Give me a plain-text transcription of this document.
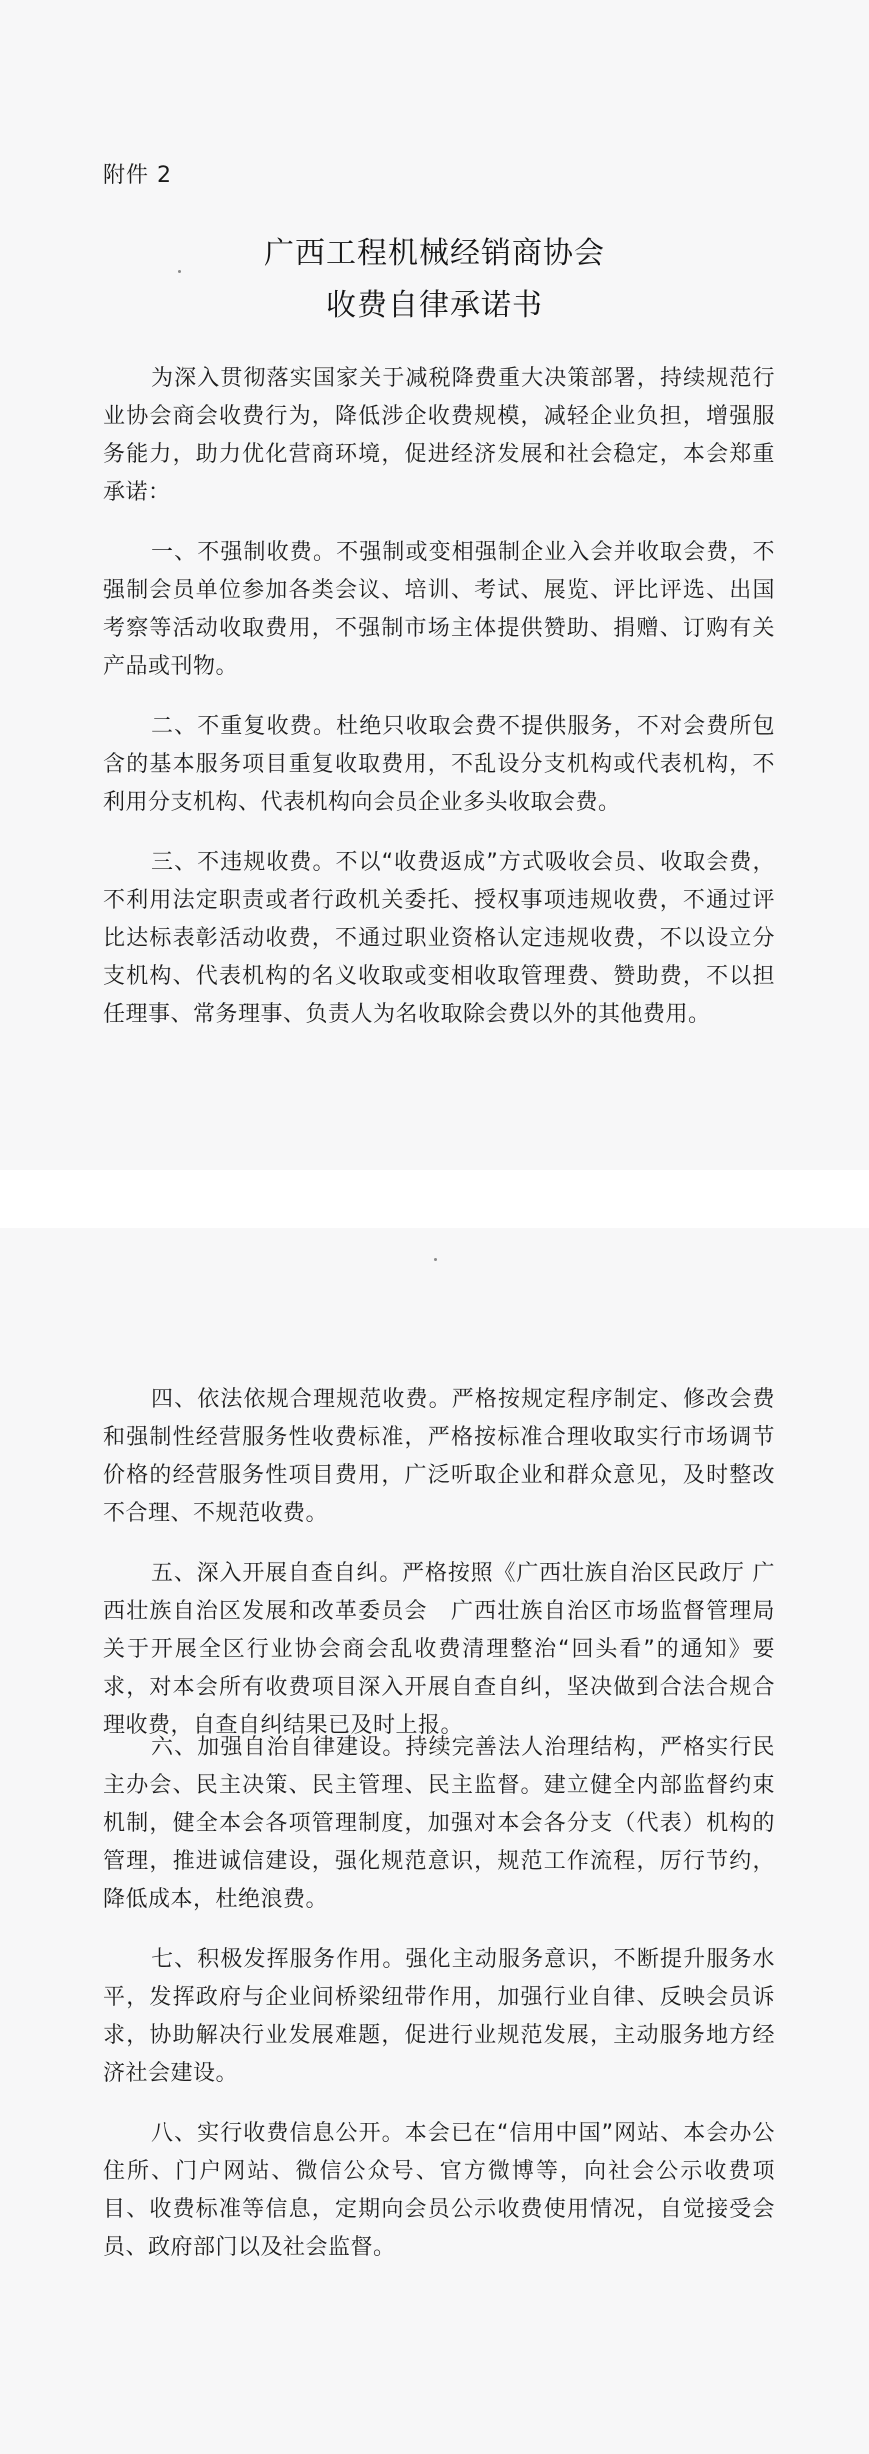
附件 2
广西工程机械经销商协会
收费自律承诺书

为深入贯彻落实国家关于减税降费重大决策部署，持续规范行业协会商会收费行为，降低涉企收费规模，减轻企业负担，增强服务能力，助力优化营商环境，促进经济发展和社会稳定，本会郑重承诺：

一、不强制收费。不强制或变相强制企业入会并收取会费，不强制会员单位参加各类会议、培训、考试、展览、评比评选、出国考察等活动收取费用，不强制市场主体提供赞助、捐赠、订购有关产品或刊物。

二、不重复收费。杜绝只收取会费不提供服务，不对会费所包含的基本服务项目重复收取费用，不乱设分支机构或代表机构，不利用分支机构、代表机构向会员企业多头收取会费。

三、不违规收费。不以“收费返成”方式吸收会员、收取会费，不利用法定职责或者行政机关委托、授权事项违规收费，不通过评比达标表彰活动收费，不通过职业资格认定违规收费，不以设立分支机构、代表机构的名义收取或变相收取管理费、赞助费，不以担任理事、常务理事、负责人为名收取除会费以外的其他费用。

四、依法依规合理规范收费。严格按规定程序制定、修改会费和强制性经营服务性收费标准，严格按标准合理收取实行市场调节价格的经营服务性项目费用，广泛听取企业和群众意见，及时整改不合理、不规范收费。

五、深入开展自查自纠。严格按照《广西壮族自治区民政厅 广西壮族自治区发展和改革委员会　广西壮族自治区市场监督管理局关于开展全区行业协会商会乱收费清理整治“回头看”的通知》要求，对本会所有收费项目深入开展自查自纠，坚决做到合法合规合理收费，自查自纠结果已及时上报。

六、加强自治自律建设。持续完善法人治理结构，严格实行民主办会、民主决策、民主管理、民主监督。建立健全内部监督约束机制，健全本会各项管理制度，加强对本会各分支（代表）机构的管理，推进诚信建设，强化规范意识，规范工作流程，厉行节约，降低成本，杜绝浪费。

七、积极发挥服务作用。强化主动服务意识，不断提升服务水平，发挥政府与企业间桥梁纽带作用，加强行业自律、反映会员诉求，协助解决行业发展难题，促进行业规范发展，主动服务地方经济社会建设。

八、实行收费信息公开。本会已在“信用中国”网站、本会办公住所、门户网站、微信公众号、官方微博等，向社会公示收费项目、收费标准等信息，定期向会员公示收费使用情况，自觉接受会员、政府部门以及社会监督。
